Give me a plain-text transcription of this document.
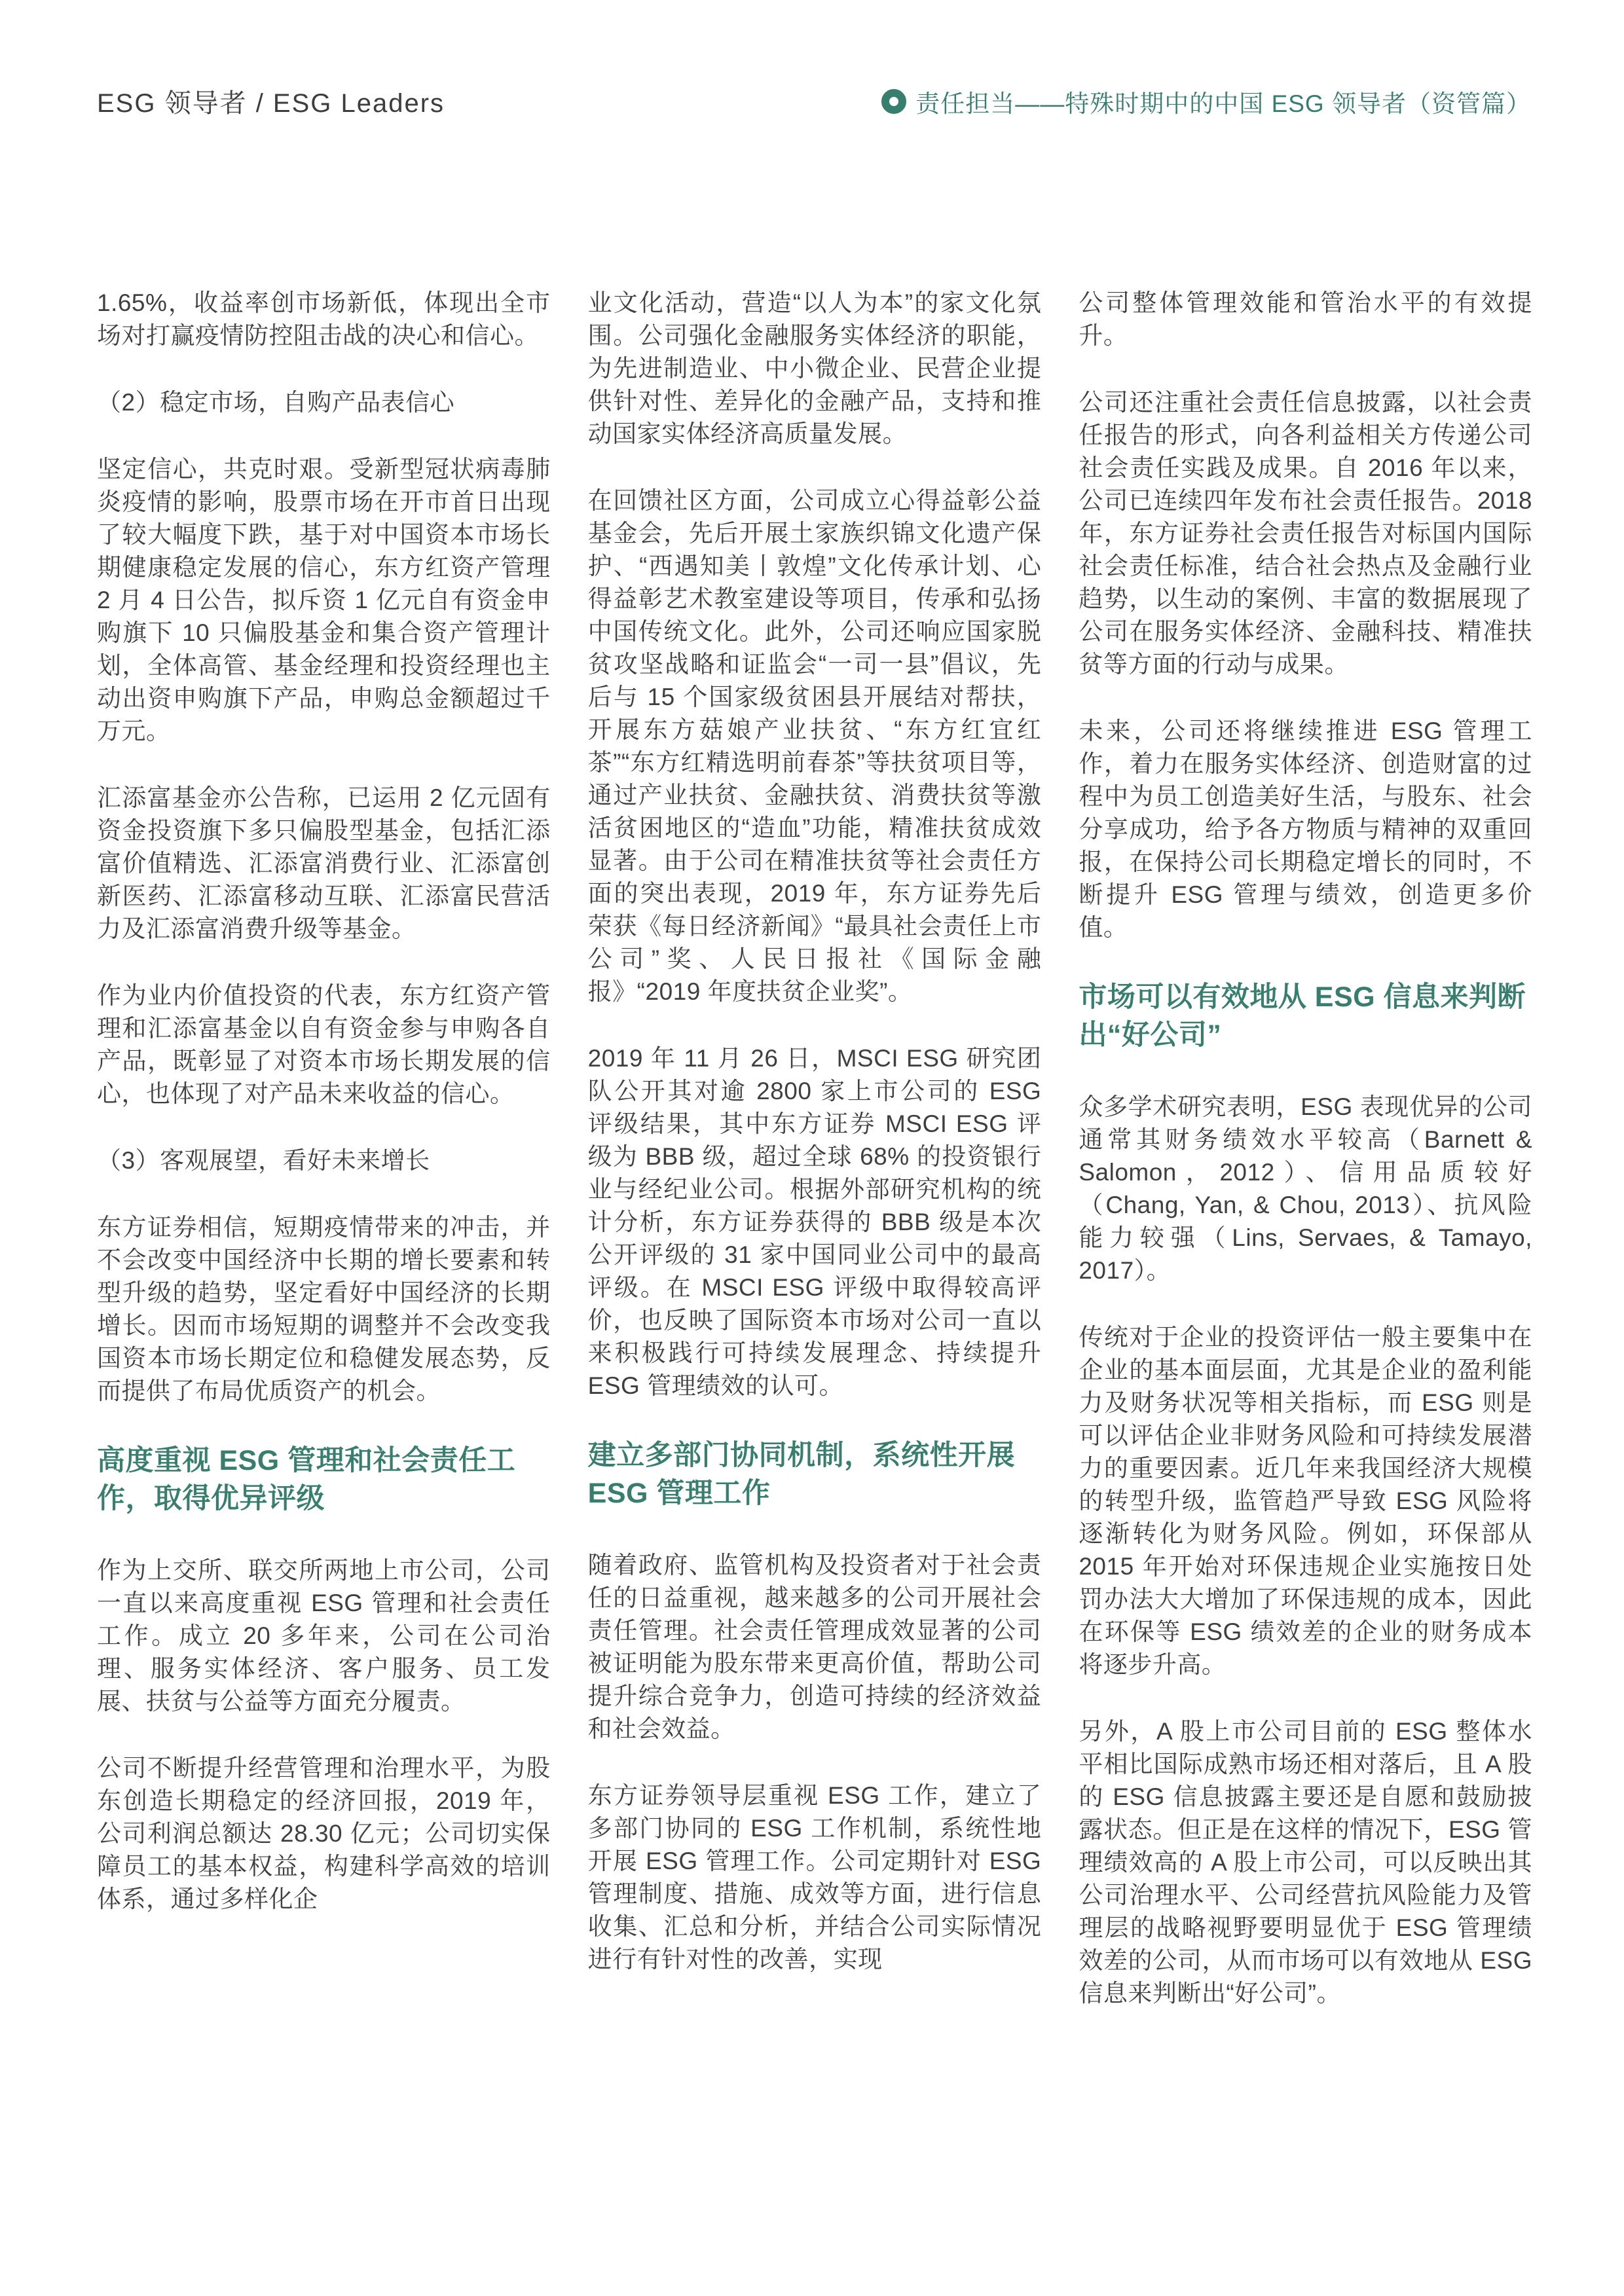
ESG 领导者 / ESG Leaders	责任担当——特殊时期中的中国 ESG 领导者（资管篇）

1.65%，收益率创市场新低，体现出全市场对打赢疫情防控阻击战的决心和信心。

（2）稳定市场，自购产品表信心

坚定信心，共克时艰。受新型冠状病毒肺炎疫情的影响，股票市场在开市首日出现了较大幅度下跌，基于对中国资本市场长期健康稳定发展的信心，东方红资产管理 2 月 4 日公告，拟斥资 1 亿元自有资金申购旗下 10 只偏股基金和集合资产管理计划，全体高管、基金经理和投资经理也主动出资申购旗下产品，申购总金额超过千万元。

汇添富基金亦公告称，已运用 2 亿元固有资金投资旗下多只偏股型基金，包括汇添富价值精选、汇添富消费行业、汇添富创新医药、汇添富移动互联、汇添富民营活力及汇添富消费升级等基金。

作为业内价值投资的代表，东方红资产管理和汇添富基金以自有资金参与申购各自产品，既彰显了对资本市场长期发展的信心，也体现了对产品未来收益的信心。

（3）客观展望，看好未来增长

东方证券相信，短期疫情带来的冲击，并不会改变中国经济中长期的增长要素和转型升级的趋势，坚定看好中国经济的长期增长。因而市场短期的调整并不会改变我国资本市场长期定位和稳健发展态势，反而提供了布局优质资产的机会。

高度重视 ESG 管理和社会责任工作，取得优异评级

作为上交所、联交所两地上市公司，公司一直以来高度重视 ESG 管理和社会责任工作。成立 20 多年来，公司在公司治理、服务实体经济、客户服务、员工发展、扶贫与公益等方面充分履责。

公司不断提升经营管理和治理水平，为股东创造长期稳定的经济回报，2019 年，公司利润总额达 28.30 亿元；公司切实保障员工的基本权益，构建科学高效的培训体系，通过多样化企

业文化活动，营造“以人为本”的家文化氛围。公司强化金融服务实体经济的职能，为先进制造业、中小微企业、民营企业提供针对性、差异化的金融产品，支持和推动国家实体经济高质量发展。

在回馈社区方面，公司成立心得益彰公益基金会，先后开展土家族织锦文化遗产保护、“西遇知美丨敦煌”文化传承计划、心得益彰艺术教室建设等项目，传承和弘扬中国传统文化。此外，公司还响应国家脱贫攻坚战略和证监会“一司一县”倡议，先后与 15 个国家级贫困县开展结对帮扶，开展东方菇娘产业扶贫、“东方红宜红茶”“东方红精选明前春茶”等扶贫项目等，通过产业扶贫、金融扶贫、消费扶贫等激活贫困地区的“造血”功能，精准扶贫成效显著。由于公司在精准扶贫等社会责任方面的突出表现，2019 年，东方证券先后荣获《每日经济新闻》“最具社会责任上市公司”奖、人民日报社《国际金融报》“2019 年度扶贫企业奖”。

2019 年 11 月 26 日，MSCI ESG 研究团队公开其对逾 2800 家上市公司的 ESG 评级结果，其中东方证券 MSCI ESG 评级为 BBB 级，超过全球 68% 的投资银行业与经纪业公司。根据外部研究机构的统计分析，东方证券获得的 BBB 级是本次公开评级的 31 家中国同业公司中的最高评级。在 MSCI ESG 评级中取得较高评价，也反映了国际资本市场对公司一直以来积极践行可持续发展理念、持续提升 ESG 管理绩效的认可。

建立多部门协同机制，系统性开展 ESG 管理工作

随着政府、监管机构及投资者对于社会责任的日益重视，越来越多的公司开展社会责任管理。社会责任管理成效显著的公司被证明能为股东带来更高价值，帮助公司提升综合竞争力，创造可持续的经济效益和社会效益。

东方证券领导层重视 ESG 工作，建立了多部门协同的 ESG 工作机制，系统性地开展 ESG 管理工作。公司定期针对 ESG 管理制度、措施、成效等方面，进行信息收集、汇总和分析，并结合公司实际情况进行有针对性的改善，实现

公司整体管理效能和管治水平的有效提升。

公司还注重社会责任信息披露，以社会责任报告的形式，向各利益相关方传递公司社会责任实践及成果。自 2016 年以来，公司已连续四年发布社会责任报告。2018 年，东方证券社会责任报告对标国内国际社会责任标准，结合社会热点及金融行业趋势，以生动的案例、丰富的数据展现了公司在服务实体经济、金融科技、精准扶贫等方面的行动与成果。

未来，公司还将继续推进 ESG 管理工作，着力在服务实体经济、创造财富的过程中为员工创造美好生活，与股东、社会分享成功，给予各方物质与精神的双重回报，在保持公司长期稳定增长的同时，不断提升 ESG 管理与绩效，创造更多价值。

市场可以有效地从 ESG 信息来判断出“好公司”

众多学术研究表明，ESG 表现优异的公司通常其财务绩效水平较高（Barnett & Salomon，2012）、信用品质较好（Chang, Yan, & Chou, 2013）、抗风险能力较强（Lins, Servaes, & Tamayo, 2017）。

传统对于企业的投资评估一般主要集中在企业的基本面层面，尤其是企业的盈利能力及财务状况等相关指标，而 ESG 则是可以评估企业非财务风险和可持续发展潜力的重要因素。近几年来我国经济大规模的转型升级，监管趋严导致 ESG 风险将逐渐转化为财务风险。例如，环保部从 2015 年开始对环保违规企业实施按日处罚办法大大增加了环保违规的成本，因此在环保等 ESG 绩效差的企业的财务成本将逐步升高。

另外，A 股上市公司目前的 ESG 整体水平相比国际成熟市场还相对落后，且 A 股的 ESG 信息披露主要还是自愿和鼓励披露状态。但正是在这样的情况下，ESG 管理绩效高的 A 股上市公司，可以反映出其公司治理水平、公司经营抗风险能力及管理层的战略视野要明显优于 ESG 管理绩效差的公司，从而市场可以有效地从 ESG 信息来判断出“好公司”。
